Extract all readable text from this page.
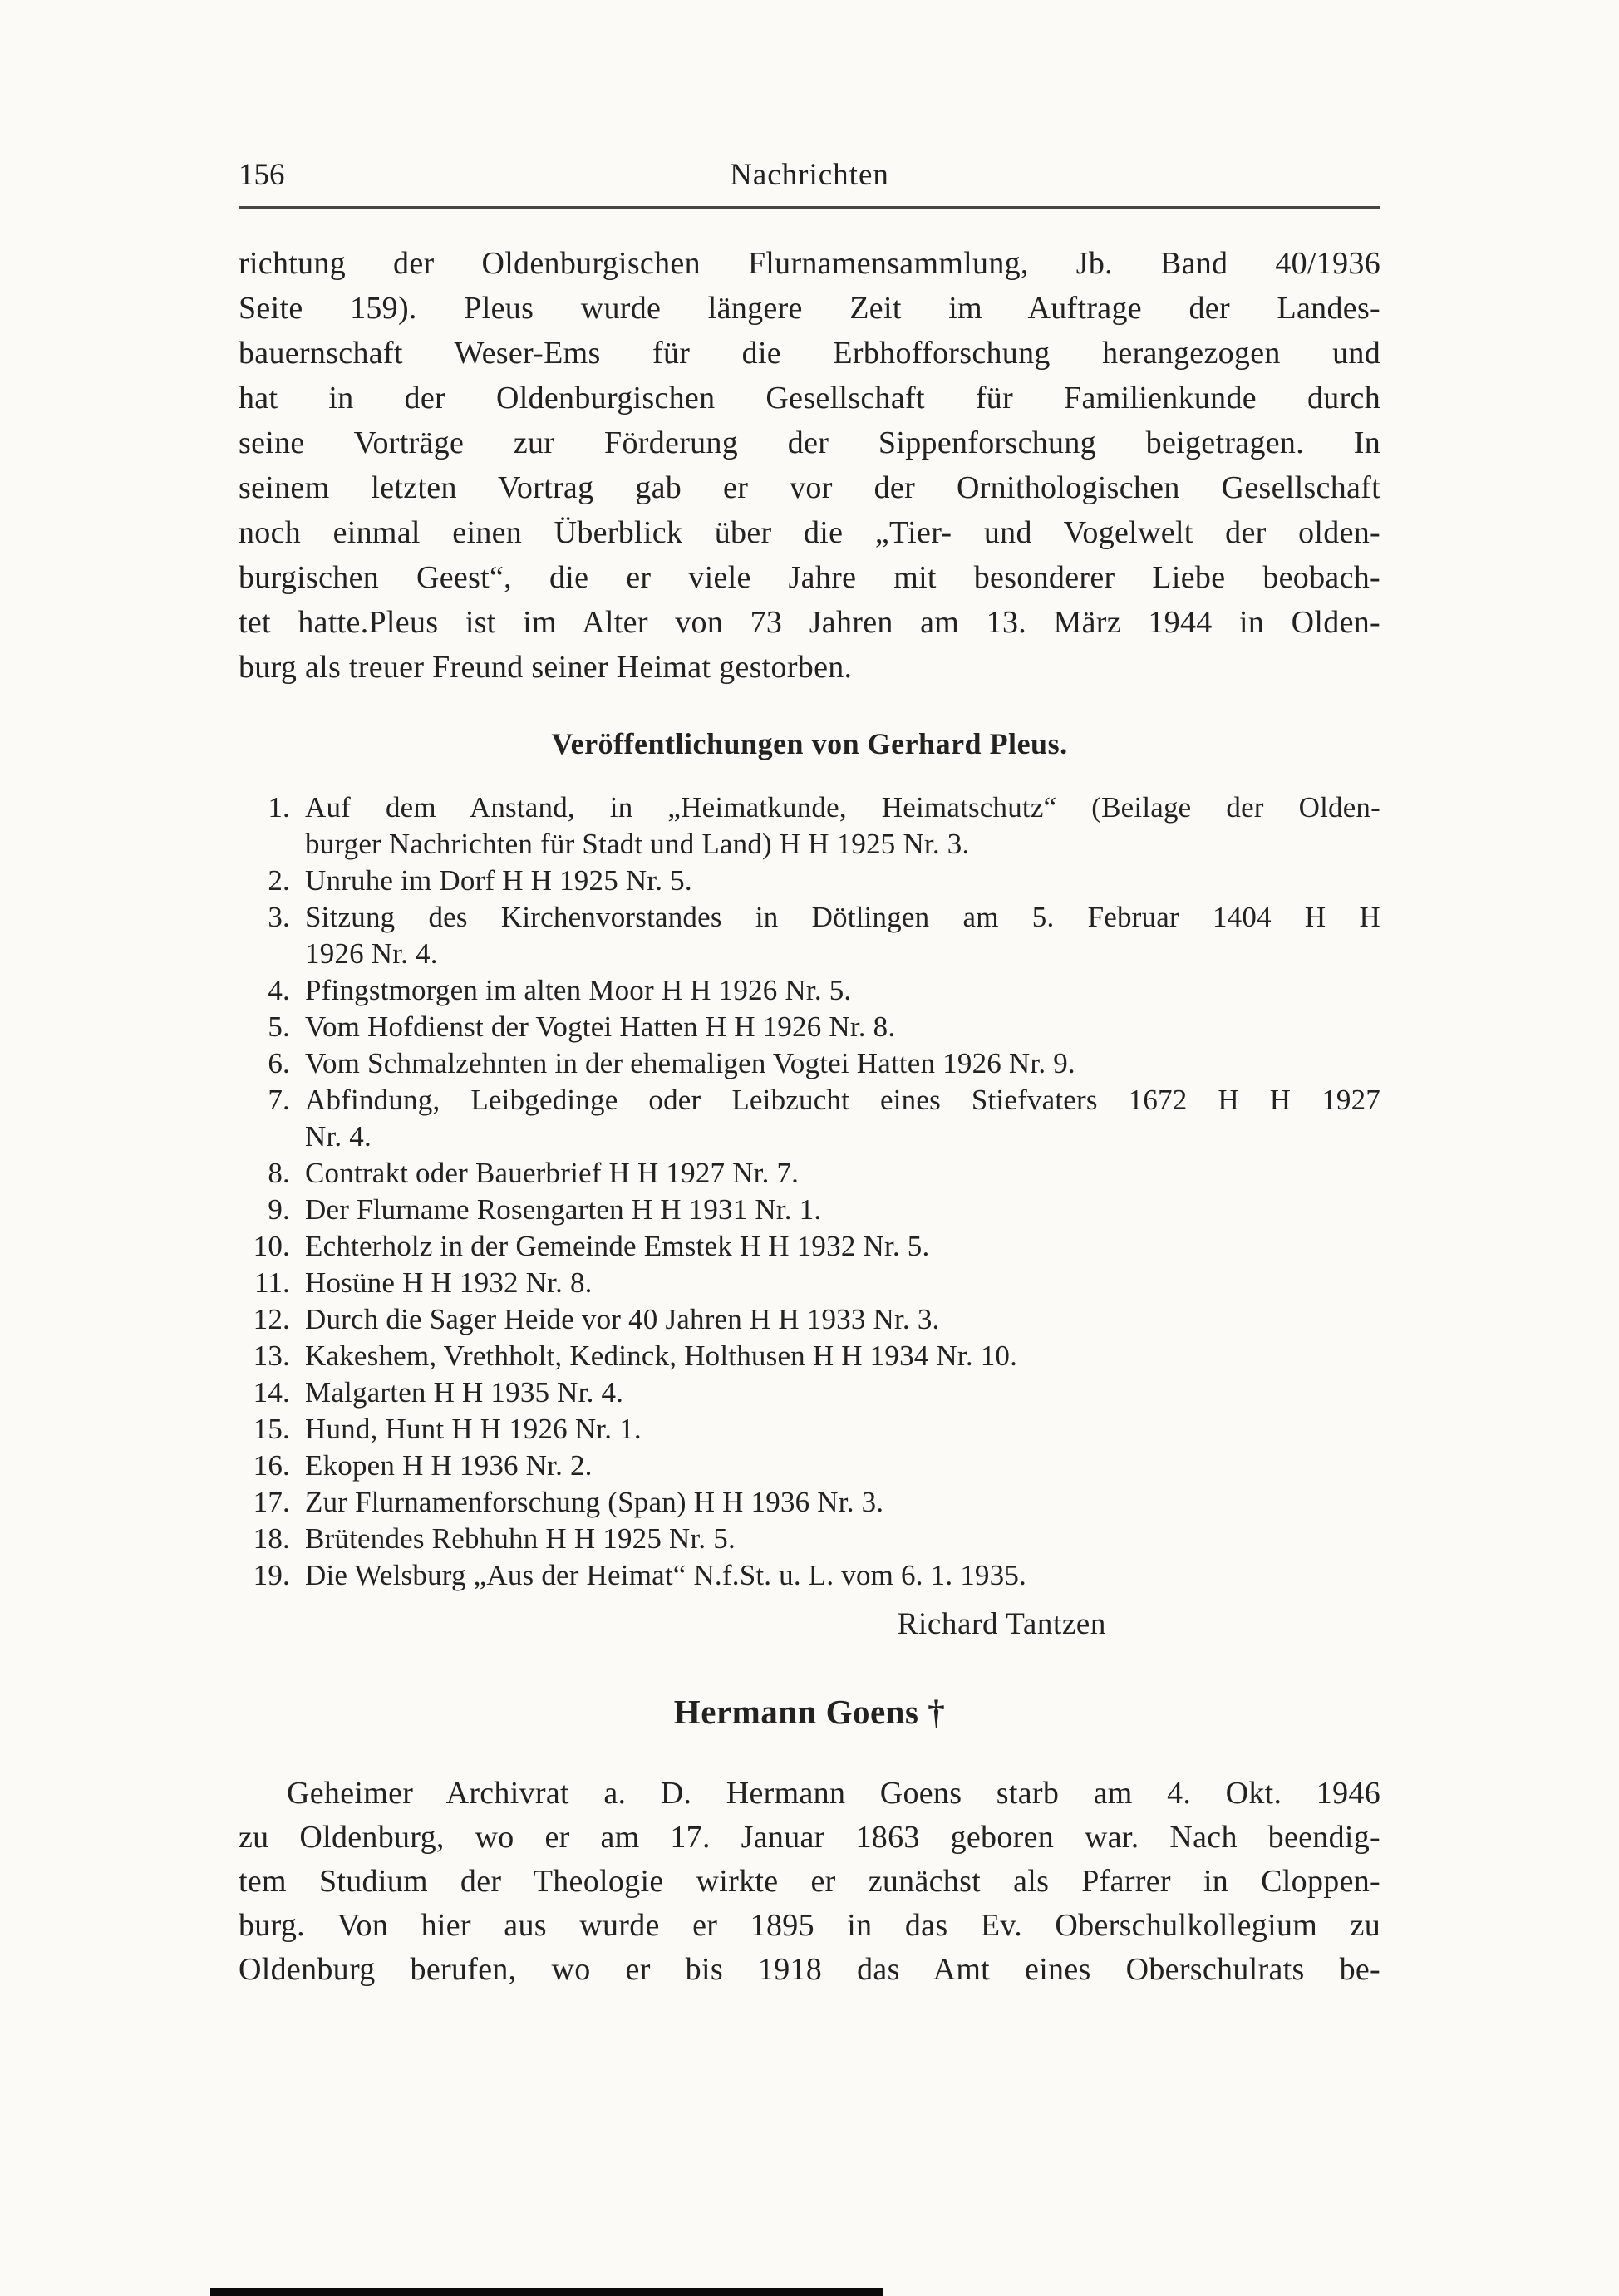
156	Nachrichten
richtung der Oldenburgischen Flurnamensammlung, Jb. Band 40/1936
Seite 159). Pleus wurde längere Zeit im Auftrage der Landes-
bauernschaft Weser-Ems für die Erbhofforschung herangezogen und
hat in der Oldenburgischen Gesellschaft für Familienkunde durch
seine Vorträge zur Förderung der Sippenforschung beigetragen. In
seinem letzten Vortrag gab er vor der Ornithologischen Gesellschaft
noch einmal einen Überblick über die „Tier- und Vogelwelt der olden-
burgischen Geest“, die er viele Jahre mit besonderer Liebe beobach-
tet hatte.Pleus ist im Alter von 73 Jahren am 13. März 1944 in Olden-
burg als treuer Freund seiner Heimat gestorben.
Veröffentlichungen von Gerhard Pleus.
1. Auf dem Anstand, in „Heimatkunde, Heimatschutz“ (Beilage der Olden-
burger Nachrichten für Stadt und Land) H H 1925 Nr. 3.
2. Unruhe im Dorf H H 1925 Nr. 5.
3. Sitzung des Kirchenvorstandes in Dötlingen am 5. Februar 1404 H H
1926 Nr. 4.
4. Pfingstmorgen im alten Moor H H 1926 Nr. 5.
5. Vom Hofdienst der Vogtei Hatten H H 1926 Nr. 8.
6. Vom Schmalzehnten in der ehemaligen Vogtei Hatten 1926 Nr. 9.
7. Abfindung, Leibgedinge oder Leibzucht eines Stiefvaters 1672 H H 1927
Nr. 4.
8. Contrakt oder Bauerbrief H H 1927 Nr. 7.
9. Der Flurname Rosengarten H H 1931 Nr. 1.
10. Echterholz in der Gemeinde Emstek H H 1932 Nr. 5.
11. Hosüne H H 1932 Nr. 8.
12. Durch die Sager Heide vor 40 Jahren H H 1933 Nr. 3.
13. Kakeshem, Vrethholt, Kedinck, Holthusen H H 1934 Nr. 10.
14. Malgarten H H 1935 Nr. 4.
15. Hund, Hunt H H 1926 Nr. 1.
16. Ekopen H H 1936 Nr. 2.
17. Zur Flurnamenforschung (Span) H H 1936 Nr. 3.
18. Brütendes Rebhuhn H H 1925 Nr. 5.
19. Die Welsburg „Aus der Heimat“ N.f.St. u. L. vom 6. 1. 1935.
Richard Tantzen
Hermann Goens †
Geheimer Archivrat a. D. Hermann Goens starb am 4. Okt. 1946
zu Oldenburg, wo er am 17. Januar 1863 geboren war. Nach beendig-
tem Studium der Theologie wirkte er zunächst als Pfarrer in Cloppen-
burg. Von hier aus wurde er 1895 in das Ev. Oberschulkollegium zu
Oldenburg berufen, wo er bis 1918 das Amt eines Oberschulrats be-
